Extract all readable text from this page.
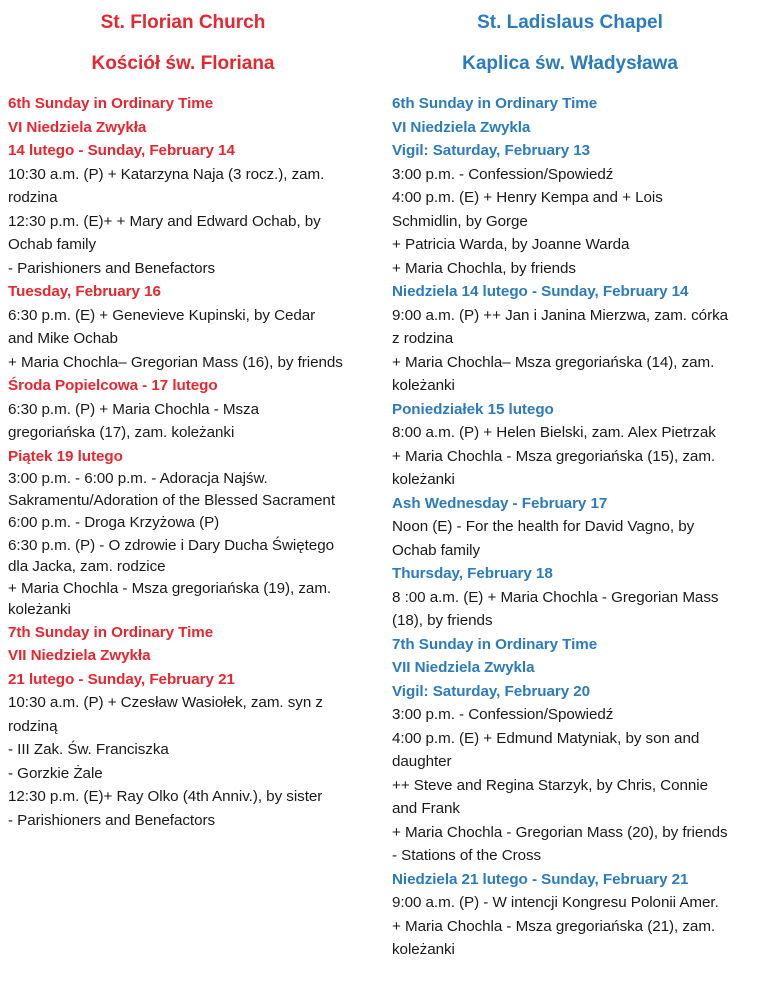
St. Florian Church
Kościół św. Floriana
6th Sunday in Ordinary Time
VI Niedziela Zwykła
14 lutego - Sunday, February 14
10:30 a.m. (P) + Katarzyna Naja (3 rocz.), zam.
rodzina
12:30 p.m. (E)+ + Mary and Edward Ochab, by
Ochab family
- Parishioners and Benefactors
Tuesday, February 16
6:30 p.m. (E) + Genevieve Kupinski, by Cedar
and Mike Ochab
+ Maria Chochla– Gregorian Mass (16), by friends
Środa Popielcowa - 17 lutego
6:30 p.m. (P) + Maria Chochla - Msza
gregoriańska (17), zam. koleżanki
Piątek 19 lutego
3:00 p.m. - 6:00 p.m. - Adoracja Najśw.
Sakramentu/Adoration of the Blessed Sacrament
6:00 p.m. - Droga Krzyżowa (P)
6:30 p.m. (P) - O zdrowie i Dary Ducha Świętego
dla Jacka, zam. rodzice
+ Maria Chochla - Msza gregoriańska (19), zam.
koleżanki
7th Sunday in Ordinary Time
VII Niedziela Zwykła
21 lutego - Sunday, February 21
10:30 a.m. (P) + Czesław Wasiołek, zam. syn z
rodziną
- III Zak. Św. Franciszka
- Gorzkie Żale
12:30 p.m. (E)+ Ray Olko (4th Anniv.), by sister
- Parishioners and Benefactors
St. Ladislaus Chapel
Kaplica św. Władysława
6th Sunday in Ordinary Time
VI Niedziela Zwykla
Vigil: Saturday, February 13
3:00 p.m. - Confession/Spowiedź
4:00 p.m. (E) + Henry Kempa and + Lois
Schmidlin, by Gorge
+ Patricia Warda, by Joanne Warda
+ Maria Chochla, by friends
Niedziela 14 lutego - Sunday, February 14
9:00 a.m. (P) ++ Jan i Janina Mierzwa, zam. córka
z rodzina
+ Maria Chochla– Msza gregoriańska (14), zam.
koleżanki
Poniedziałek 15 lutego
8:00 a.m. (P) + Helen Bielski, zam. Alex Pietrzak
+ Maria Chochla - Msza gregoriańska (15), zam.
koleżanki
Ash Wednesday - February 17
Noon (E) - For the health for David Vagno, by
Ochab family
Thursday, February 18
8 :00 a.m. (E) + Maria Chochla - Gregorian Mass
(18), by friends
7th Sunday in Ordinary Time
VII Niedziela Zwykla
Vigil: Saturday, February 20
3:00 p.m. - Confession/Spowiedź
4:00 p.m. (E) + Edmund Matyniak, by son and
daughter
++ Steve and Regina Starzyk, by Chris, Connie
and Frank
+ Maria Chochla - Gregorian Mass (20), by friends
- Stations of the Cross
Niedziela 21 lutego - Sunday, February 21
9:00 a.m. (P) - W intencji Kongresu Polonii Amer.
+ Maria Chochla - Msza gregoriańska (21), zam.
koleżanki
